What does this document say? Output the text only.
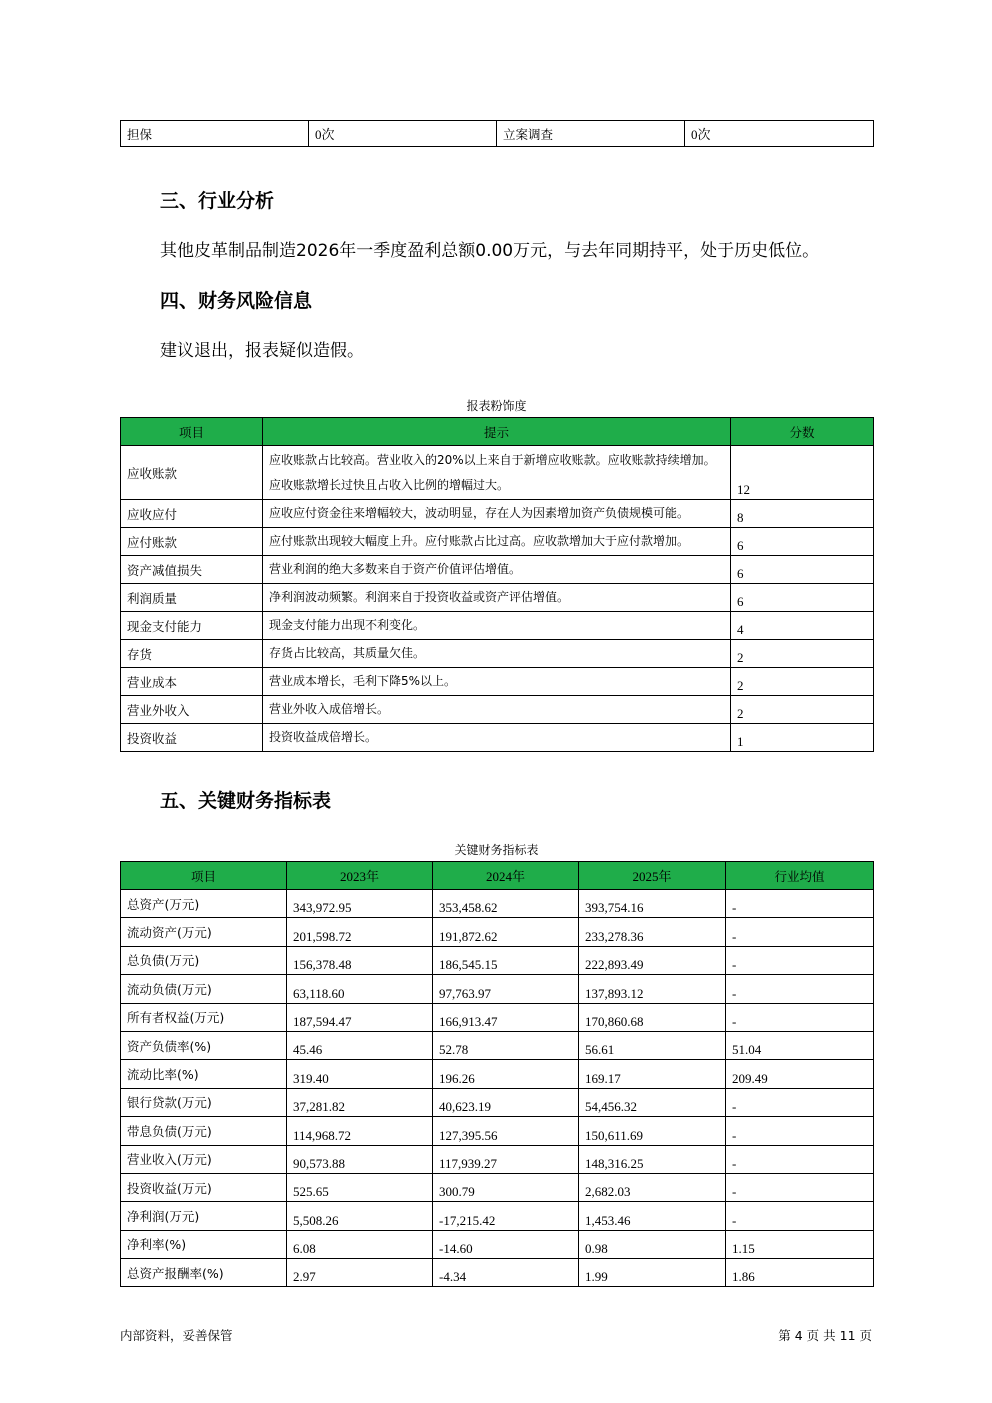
担保	0次	立案调查	0次
三、行业分析

其他皮革制品制造2026年一季度盈利总额0.00万元，与去年同期持平，处于历史低位。

四、财务风险信息

建议退出，报表疑似造假。

报表粉饰度
项目	提示	分数
应收账款	应收账款占比较高。营业收入的20%以上来自于新增应收账款。应收账款持续增加。应收账款增长过快且占收入比例的增幅过大。	12
应收应付	应收应付资金往来增幅较大，波动明显，存在人为因素增加资产负债规模可能。	8
应付账款	应付账款出现较大幅度上升。应付账款占比过高。应收款增加大于应付款增加。	6
资产减值损失	营业利润的绝大多数来自于资产价值评估增值。	6
利润质量	净利润波动频繁。利润来自于投资收益或资产评估增值。	6
现金支付能力	现金支付能力出现不利变化。	4
存货	存货占比较高，其质量欠佳。	2
营业成本	营业成本增长，毛利下降5%以上。	2
营业外收入	营业外收入成倍增长。	2
投资收益	投资收益成倍增长。	1
五、关键财务指标表
关键财务指标表
项目	2023年	2024年	2025年	行业均值
总资产(万元)	343,972.95	353,458.62	393,754.16	-
流动资产(万元)	201,598.72	191,872.62	233,278.36	-
总负债(万元)	156,378.48	186,545.15	222,893.49	-
流动负债(万元)	63,118.60	97,763.97	137,893.12	-
所有者权益(万元)	187,594.47	166,913.47	170,860.68	-
资产负债率(%)	45.46	52.78	56.61	51.04
流动比率(%)	319.40	196.26	169.17	209.49
银行贷款(万元)	37,281.82	40,623.19	54,456.32	-
带息负债(万元)	114,968.72	127,395.56	150,611.69	-
营业收入(万元)	90,573.88	117,939.27	148,316.25	-
投资收益(万元)	525.65	300.79	2,682.03	-
净利润(万元)	5,508.26	-17,215.42	1,453.46	-
净利率(%)	6.08	-14.60	0.98	1.15
总资产报酬率(%)	2.97	-4.34	1.99	1.86
内部资料，妥善保管	第 4 页 共 11 页
